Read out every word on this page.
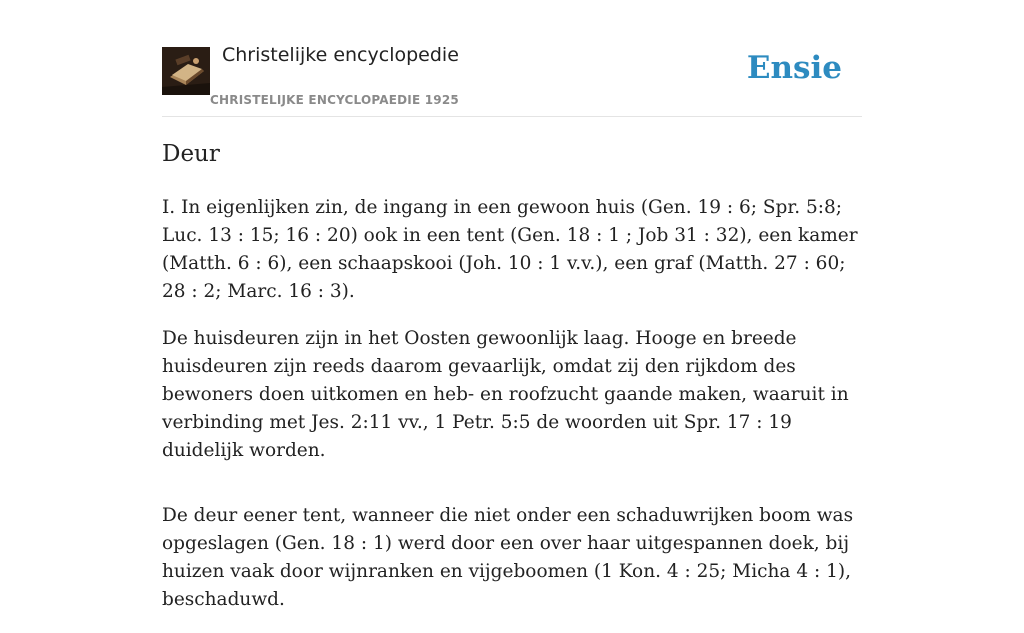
Christelijke encyclopedie
CHRISTELIJKE ENCYCLOPAEDIE 1925
Ensie
Deur

I. In eigenlijken zin, de ingang in een gewoon huis (Gen. 19 : 6; Spr. 5:8; Luc. 13 : 15; 16 : 20) ook in een tent (Gen. 18 : 1 ; Job 31 : 32), een kamer (Matth. 6 : 6), een schaapskooi (Joh. 10 : 1 v.v.), een graf (Matth. 27 : 60; 28 : 2; Marc. 16 : 3).

De huisdeuren zijn in het Oosten gewoonlijk laag. Hooge en breede huisdeuren zijn reeds daarom gevaarlijk, omdat zij den rijkdom des bewoners doen uitkomen en heb- en roofzucht gaande maken, waaruit in verbinding met Jes. 2:11 vv., 1 Petr. 5:5 de woorden uit Spr. 17 : 19 duidelijk worden.

De deur eener tent, wanneer die niet onder een schaduwrijken boom was opgeslagen (Gen. 18 : 1) werd door een over haar uitgespannen doek, bij huizen vaak door wijnranken en vijgeboomen (1 Kon. 4 : 25; Micha 4 : 1), beschaduwd.
